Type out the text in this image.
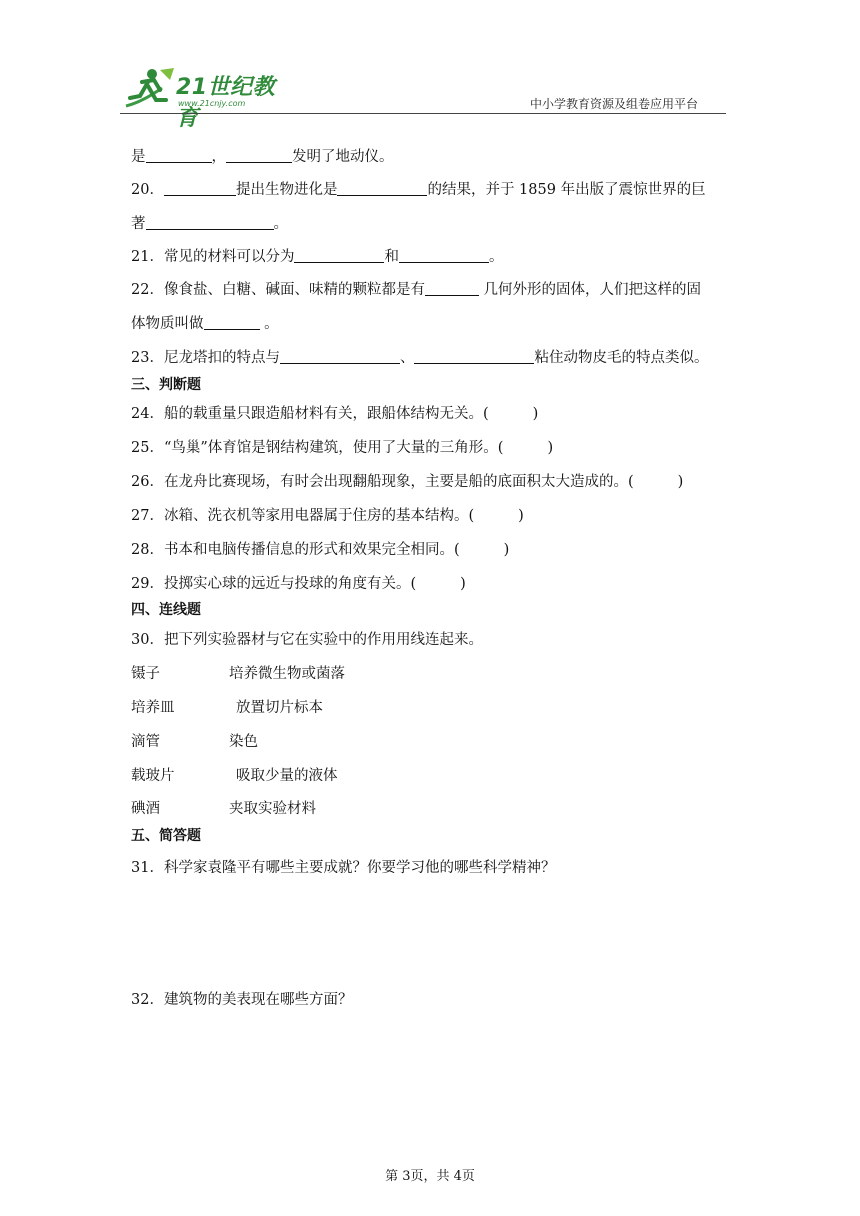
21世纪教育
www.21cnjy.com	中小学教育资源及组卷应用平台
是	，	发明了地动仪。
20．	提出生物进化是	的结果，并于 1859 年出版了震惊世界的巨
著	。
21．常见的材料可以分为	和	。
22．像食盐、白糖、碱面、味精的颗粒都是有	几何外形的固体，人们把这样的固
体物质叫做	。
23．尼龙塔扣的特点与	、	粘住动物皮毛的特点类似。
三、判断题
24．船的载重量只跟造船材料有关，跟船体结构无关。(	)
25．“鸟巢”体育馆是钢结构建筑，使用了大量的三角形。(	)
26．在龙舟比赛现场，有时会出现翻船现象，主要是船的底面积太大造成的。(	)
27．冰箱、洗衣机等家用电器属于住房的基本结构。(	)
28．书本和电脑传播信息的形式和效果完全相同。(	)
29．投掷实心球的远近与投球的角度有关。(	)
四、连线题
30．把下列实验器材与它在实验中的作用用线连起来。
镊子	培养微生物或菌落
培养皿	放置切片标本
滴管	染色
载玻片	吸取少量的液体
碘酒	夹取实验材料
五、简答题
31．科学家袁隆平有哪些主要成就？你要学习他的哪些科学精神？
32．建筑物的美表现在哪些方面？
第 3页，共 4页
